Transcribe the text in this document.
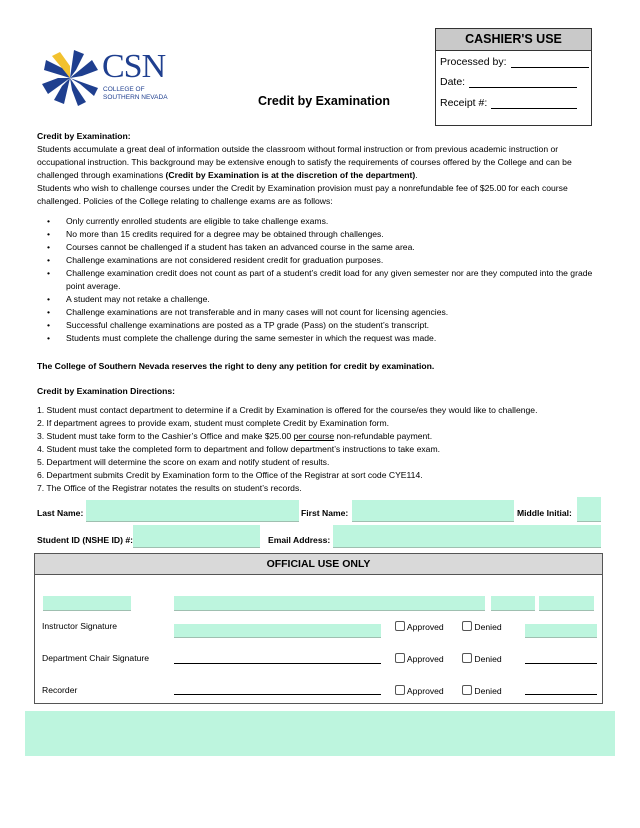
CSN
COLLEGE OF
SOUTHERN NEVADA	Credit by Examination
CASHIER'S USE
Processed by:
Date:
Receipt #:

Credit by Examination:

Students accumulate a great deal of information outside the classroom without formal instruction or from previous academic instruction or occupational instruction. This background may be extensive enough to satisfy the requirements of courses offered by the College and can be challenged through examinations (Credit by Examination is at the discretion of the department).

Students who wish to challenge courses under the Credit by Examination provision must pay a nonrefundable fee of $25.00 for each course challenged. Policies of the College relating to challenge exams are as follows:

• Only currently enrolled students are eligible to take challenge exams.
• No more than 15 credits required for a degree may be obtained through challenges.
• Courses cannot be challenged if a student has taken an advanced course in the same area.
• Challenge examinations are not considered resident credit for graduation purposes.
• Challenge examination credit does not count as part of a student’s credit load for any given semester nor are they computed into the grade point average.
• A student may not retake a challenge.
• Challenge examinations are not transferable and in many cases will not count for licensing agencies.
• Successful challenge examinations are posted as a TP grade (Pass) on the student’s transcript.
• Students must complete the challenge during the same semester in which the request was made.
The College of Southern Nevada reserves the right to deny any petition for credit by examination.
Credit by Examination Directions:
1. Student must contact department to determine if a Credit by Examination is offered for the course/es they would like to challenge.
2. If department agrees to provide exam, student must complete Credit by Examination form.
3. Student must take form to the Cashier’s Office and make $25.00 per course non-refundable payment.
4. Student must take the completed form to department and follow department’s instructions to take exam.
5. Department will determine the score on exam and notify student of results.
6. Department submits Credit by Examination form to the Office of the Registrar at sort code CYE114.
7. The Office of the Registrar notates the results on student’s records.
Last Name:	First Name:	Middle Initial:
Student ID (NSHE ID) #:	Email Address:
OFFICIAL USE ONLY
Instructor Signature	Approved	Denied
Department Chair Signature	Approved	Denied
Recorder	Approved	Denied
